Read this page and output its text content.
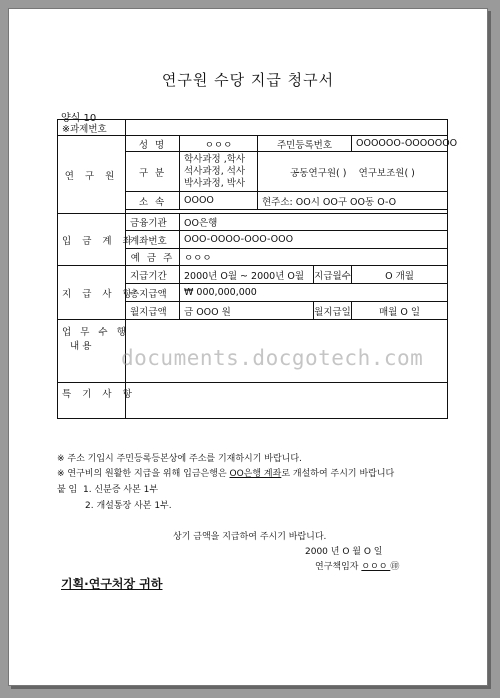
연구원 수당 지급 청구서
양식 10
※과제번호					
연 구 원	성 명	ㅇㅇㅇ	주민등록번호		OOOOOO-OOOOOOO
	구 분	학사과정 ,학사
석사과정, 석사
박사과정, 박사	공동연구원( ) 연구보조원( )		
	소 속	OOOO	현주소: OO시 OO구 OO동 O-O		

입 금 계 좌	금융기관	OO은행			
	계좌번호	OOO-OOOO-OOO-OOO			
	예 금 주	ㅇㅇㅇ			
지 급 사 항	지급기간	2000년 O월 ~ 2000년 O월		지급월수	O 개월
	총지급액	₩ 000,000,000			
	월지급액	금 OOO 원		월지급일	매월 O 일

업 무 수 행
내 용					

특 기 사 항					
documents.docgotech.com
※ 주소 기입시 주민등록등본상에 주소를 기재하시기 바랍니다.
※ 연구비의 원활한 지급을 위해 입금은행은 OO은행 계좌로 개설하여 주시기 바랍니다
붙 임 1. 신분증 사본 1부
2. 개설통장 사본 1부.
상기 금액을 지급하여 주시기 바랍니다.
2000 년 O 월 O 일
연구책임자 ㅇㅇㅇ ㊞
기획·연구처장 귀하
